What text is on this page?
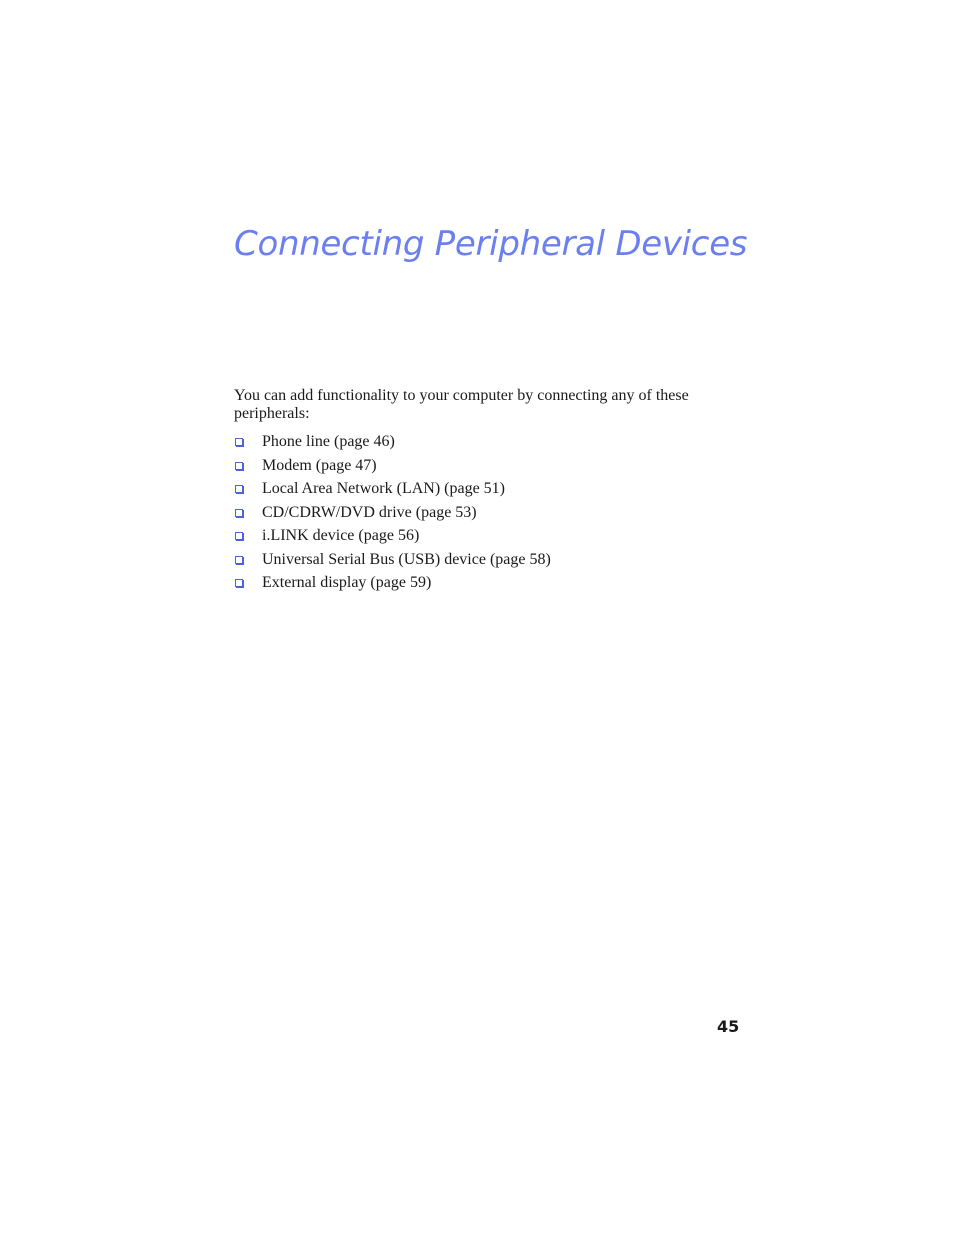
Connecting Peripheral Devices

You can add functionality to your computer by connecting any of these peripherals:

Phone line (page 46)
Modem (page 47)
Local Area Network (LAN) (page 51)
CD/CDRW/DVD drive (page 53)
i.LINK device (page 56)
Universal Serial Bus (USB) device (page 58)
External display (page 59)

45
